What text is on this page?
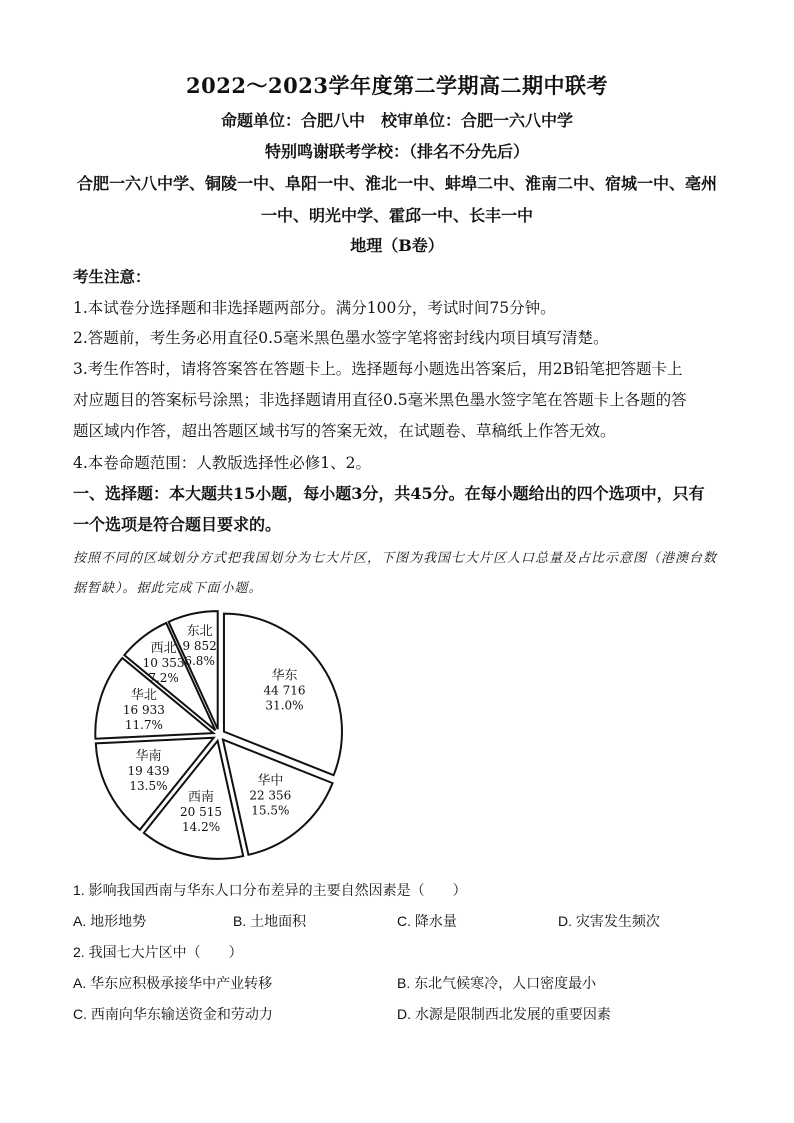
2022～2023学年度第二学期高二期中联考
命题单位：合肥八中　校审单位：合肥一六八中学
特别鸣谢联考学校：（排名不分先后）
合肥一六八中学、铜陵一中、阜阳一中、淮北一中、蚌埠二中、淮南二中、宿城一中、亳州一中、明光中学、霍邱一中、长丰一中
地理（B卷）
考生注意：
1.本试卷分选择题和非选择题两部分。满分100分，考试时间75分钟。
2.答题前，考生务必用直径0.5毫米黑色墨水签字笔将密封线内项目填写清楚。
3.考生作答时，请将答案答在答题卡上。选择题每小题选出答案后，用2B铅笔把答题卡上
对应题目的答案标号涂黑；非选择题请用直径0.5毫米黑色墨水签字笔在答题卡上各题的答
题区域内作答，超出答题区域书写的答案无效，在试题卷、草稿纸上作答无效。
4.本卷命题范围：人教版选择性必修1、2。
一、选择题：本大题共15小题，每小题3分，共45分。在每小题给出的四个选项中，只有
一个选项是符合题目要求的。
按照不同的区域划分方式把我国划分为七大片区，下图为我国七大片区人口总量及占比示意图（港澳台数据暂缺）。据此完成下面小题。
华东
44 716
31.0%
华中
22 356
15.5%
西南
20 515
14.2%
华南
19 439
13.5%
华北
16 933
11.7%
西北
10 353
7.2%
东北
9 852
6.8%
1. 影响我国西南与华东人口分布差异的主要自然因素是（　　）
A. 地形地势	B. 土地面积	C. 降水量	D. 灾害发生频次
2. 我国七大片区中（　　）
A. 华东应积极承接华中产业转移	B. 东北气候寒冷，人口密度最小
C. 西南向华东输送资金和劳动力	D. 水源是限制西北发展的重要因素
